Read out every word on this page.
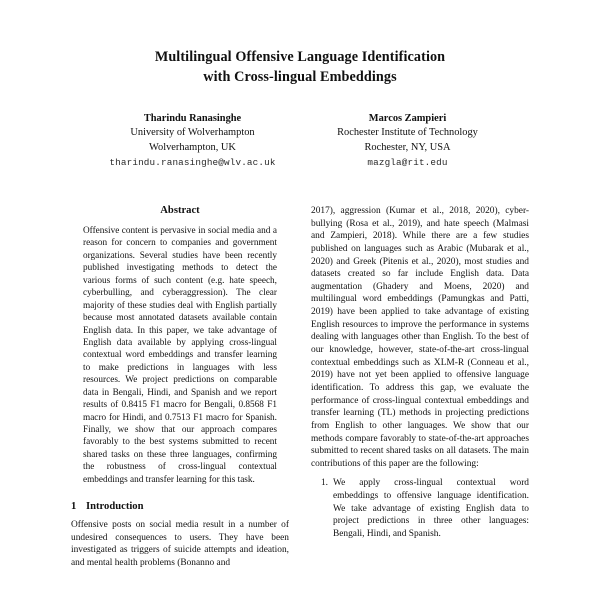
Multilingual Offensive Language Identification
with Cross-lingual Embeddings
Tharindu Ranasinghe
University of Wolverhampton
Wolverhampton, UK
tharindu.ranasinghe@wlv.ac.uk
Marcos Zampieri
Rochester Institute of Technology
Rochester, NY, USA
mazgla@rit.edu
Abstract

Offensive content is pervasive in social media and a reason for concern to companies and government organizations. Several studies have been recently published investigating methods to detect the various forms of such content (e.g. hate speech, cyberbulling, and cyberaggression). The clear majority of these studies deal with English partially because most annotated datasets available contain English data. In this paper, we take advantage of English data available by applying cross-lingual contextual word embeddings and transfer learning to make predictions in languages with less resources. We project predictions on comparable data in Bengali, Hindi, and Spanish and we report results of 0.8415 F1 macro for Bengali, 0.8568 F1 macro for Hindi, and 0.7513 F1 macro for Spanish. Finally, we show that our approach compares favorably to the best systems submitted to recent shared tasks on these three languages, confirming the robustness of cross-lingual contextual embeddings and transfer learning for this task.

1 Introduction

Offensive posts on social media result in a number of undesired consequences to users. They have been investigated as triggers of suicide attempts and ideation, and mental health problems (Bonanno and

2017), aggression (Kumar et al., 2018, 2020), cyber-bullying (Rosa et al., 2019), and hate speech (Malmasi and Zampieri, 2018). While there are a few studies published on languages such as Arabic (Mubarak et al., 2020) and Greek (Pitenis et al., 2020), most studies and datasets created so far include English data. Data augmentation (Ghadery and Moens, 2020) and multilingual word embeddings (Pamungkas and Patti, 2019) have been applied to take advantage of existing English resources to improve the performance in systems dealing with languages other than English. To the best of our knowledge, however, state-of-the-art cross-lingual contextual embeddings such as XLM-R (Conneau et al., 2019) have not yet been applied to offensive language identification. To address this gap, we evaluate the performance of cross-lingual contextual embeddings and transfer learning (TL) methods in projecting predictions from English to other languages. We show that our methods compare favorably to state-of-the-art approaches submitted to recent shared tasks on all datasets. The main contributions of this paper are the following:

1. We apply cross-lingual contextual word embeddings to offensive language identification. We take advantage of existing English data to project predictions in three other languages: Bengali, Hindi, and Spanish.
